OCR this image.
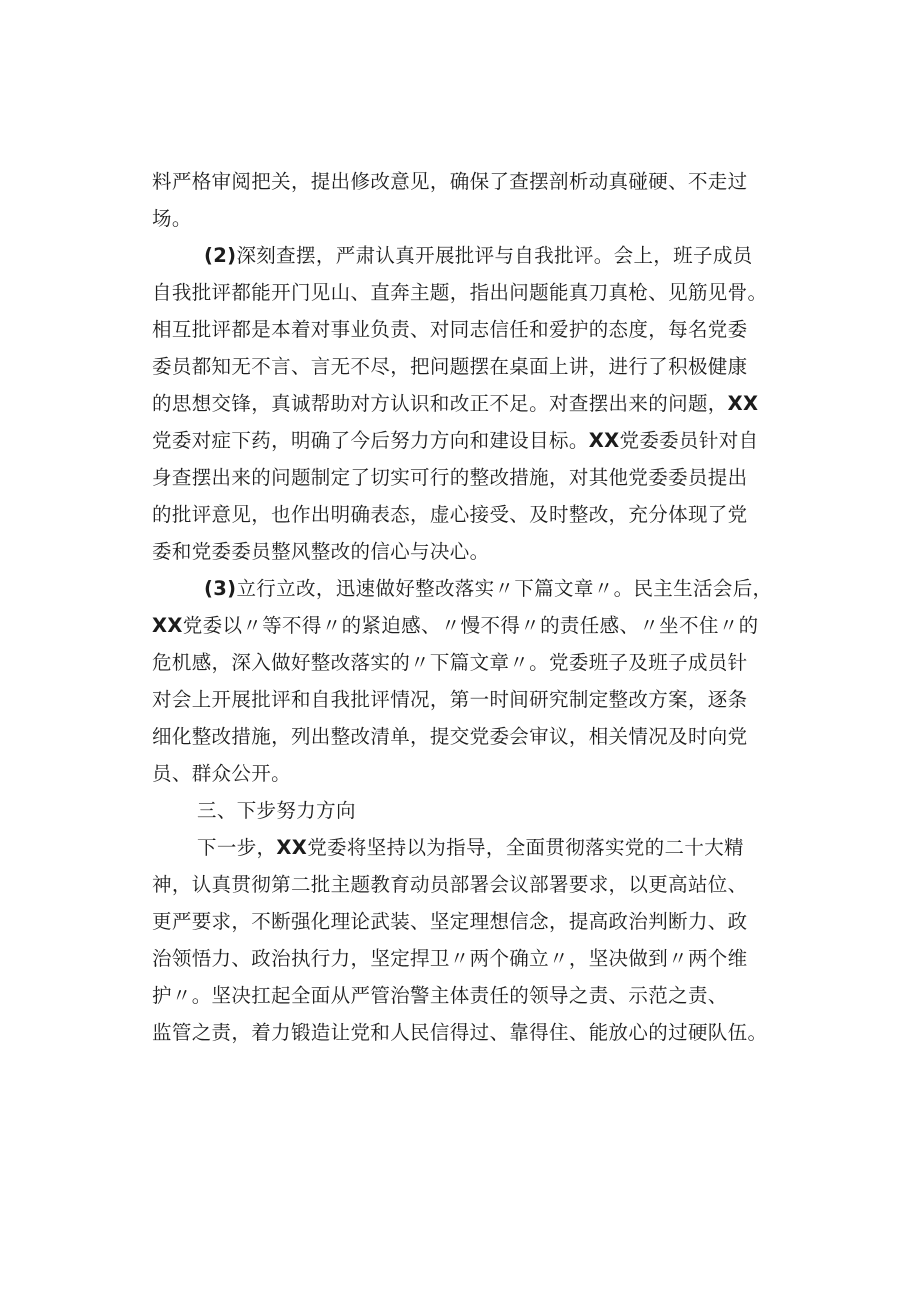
料严格审阅把关，提出修改意见，确保了查摆剖析动真碰硬、不走过
场。
(2)深刻查摆，严肃认真开展批评与自我批评。会上，班子成员
自我批评都能开门见山、直奔主题，指出问题能真刀真枪、见筋见骨。
相互批评都是本着对事业负责、对同志信任和爱护的态度，每名党委
委员都知无不言、言无不尽，把问题摆在桌面上讲，进行了积极健康
的思想交锋，真诚帮助对方认识和改正不足。对查摆出来的问题，XX
党委对症下药，明确了今后努力方向和建设目标。XX党委委员针对自
身查摆出来的问题制定了切实可行的整改措施，对其他党委委员提出
的批评意见，也作出明确表态，虚心接受、及时整改，充分体现了党
委和党委委员整风整改的信心与决心。
(3)立行立改，迅速做好整改落实〃下篇文章〃。民主生活会后，
XX党委以〃等不得〃的紧迫感、〃慢不得〃的责任感、〃坐不住〃的
危机感，深入做好整改落实的〃下篇文章〃。党委班子及班子成员针
对会上开展批评和自我批评情况，第一时间研究制定整改方案，逐条
细化整改措施，列出整改清单，提交党委会审议，相关情况及时向党
员、群众公开。
三、下步努力方向
下一步，XX党委将坚持以为指导，全面贯彻落实党的二十大精
神，认真贯彻第二批主题教育动员部署会议部署要求，以更高站位、
更严要求，不断强化理论武装、坚定理想信念，提高政治判断力、政
治领悟力、政治执行力，坚定捍卫〃两个确立〃，坚决做到〃两个维
护〃。坚决扛起全面从严管治警主体责任的领导之责、示范之责、
监管之责，着力锻造让党和人民信得过、靠得住、能放心的过硬队伍。
